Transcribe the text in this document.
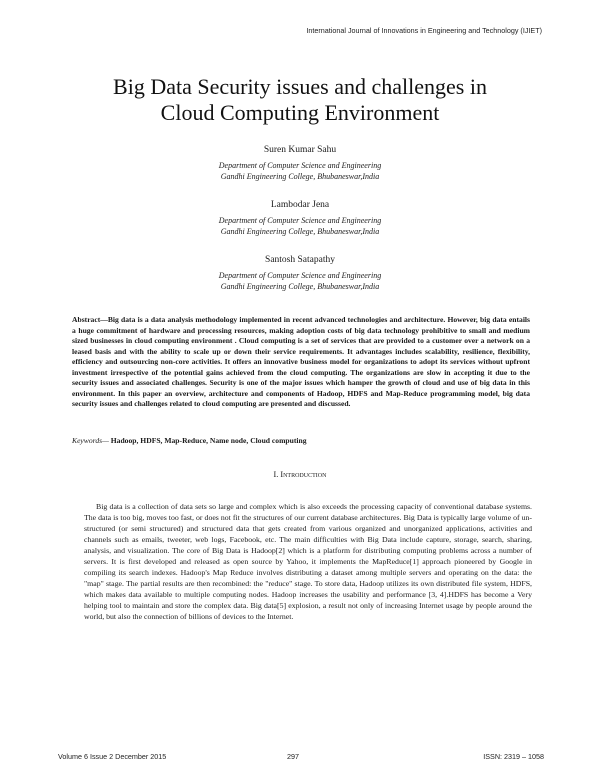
International Journal of Innovations in Engineering and Technology (IJIET)
Big Data Security issues and challenges in
Cloud Computing Environment
Suren Kumar Sahu
Department of Computer Science and Engineering
Gandhi Engineering College, Bhubaneswar,India
Lambodar Jena
Department of Computer Science and Engineering
Gandhi Engineering College, Bhubaneswar,India
Santosh Satapathy
Department of Computer Science and Engineering
Gandhi Engineering College, Bhubaneswar,India

Abstract—Big data is a data analysis methodology implemented in recent advanced technologies and architecture. However, big data entails a huge commitment of hardware and processing resources, making adoption costs of big data technology prohibitive to small and medium sized businesses in cloud computing environment . Cloud computing is a set of services that are provided to a customer over a network on a leased basis and with the ability to scale up or down their service requirements. It advantages includes scalability, resilience, flexibility, efficiency and outsourcing non-core activities. It offers an innovative business model for organizations to adopt its services without upfront investment irrespective of the potential gains achieved from the cloud computing. The organizations are slow in accepting it due to the security issues and associated challenges. Security is one of the major issues which hamper the growth of cloud and use of big data in this environment. In this paper an overview, architecture and components of Hadoop, HDFS and Map-Reduce programming model, big data security issues and challenges related to cloud computing are presented and discussed.

Keywords— Hadoop, HDFS, Map-Reduce, Name node, Cloud computing

I. Introduction

Big data is a collection of data sets so large and complex which is also exceeds the processing capacity of conventional database systems. The data is too big, moves too fast, or does not fit the structures of our current database architectures. Big Data is typically large volume of un-structured (or semi structured) and structured data that gets created from various organized and unorganized applications, activities and channels such as emails, tweeter, web logs, Facebook, etc. The main difficulties with Big Data include capture, storage, search, sharing, analysis, and visualization. The core of Big Data is Hadoop[2] which is a platform for distributing computing problems across a number of servers. It is first developed and released as open source by Yahoo, it implements the MapReduce[1] approach pioneered by Google in compiling its search indexes. Hadoop's Map Reduce involves distributing a dataset among multiple servers and operating on the data: the "map" stage. The partial results are then recombined: the "reduce" stage. To store data, Hadoop utilizes its own distributed file system, HDFS, which makes data available to multiple computing nodes. Hadoop increases the usability and performance [3, 4].HDFS has become a Very helping tool to maintain and store the complex data. Big data[5] explosion, a result not only of increasing Internet usage by people around the world, but also the connection of billions of devices to the Internet.

Volume 6 Issue 2 December 2015	297	ISSN: 2319 – 1058
